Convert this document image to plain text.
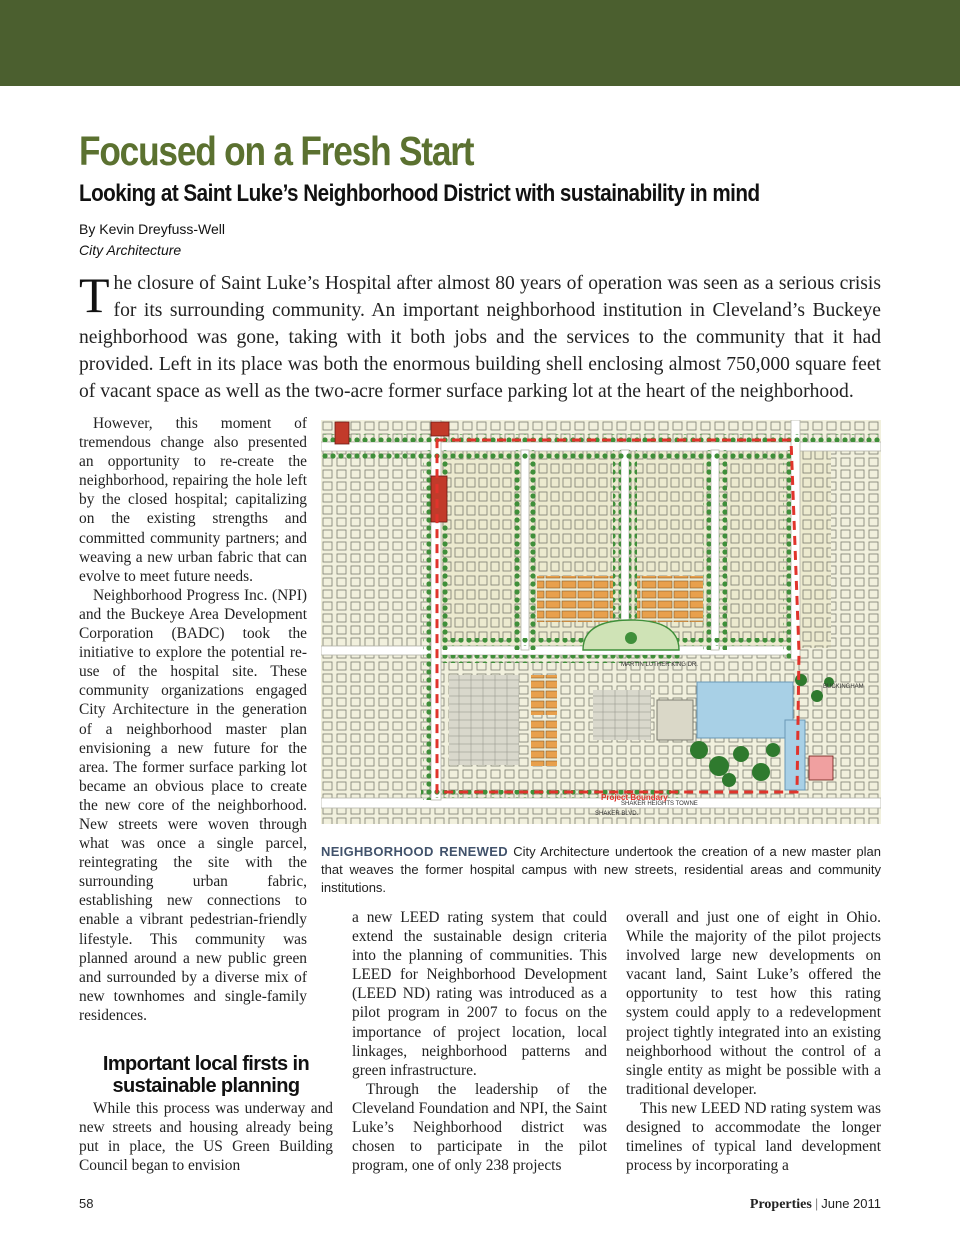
Focused on a Fresh Start
Looking at Saint Luke’s Neighborhood District with sustainability in mind
By Kevin Dreyfuss-Well
City Architecture

The closure of Saint Luke’s Hospital after almost 80 years of operation was seen as a serious crisis for its surrounding community. An important neighborhood institution in Cleveland’s Buckeye neighborhood was gone, taking with it both jobs and the services to the community that it had provided. Left in its place was both the enormous building shell enclosing almost 750,000 square feet of vacant space as well as the two-acre former surface parking lot at the heart of the neighborhood.

However, this moment of tremendous change also presented an opportunity to re-create the neighborhood, repairing the hole left by the closed hospital; capitalizing on the existing strengths and committed community partners; and weaving a new urban fabric that can evolve to meet future needs.

Neighborhood Progress Inc. (NPI) and the Buckeye Area Development Corporation (BADC) took the initiative to explore the potential re-use of the hospital site. These community organizations engaged City Architecture in the generation of a neighborhood master plan envisioning a new future for the area. The former surface parking lot became an obvious place to create the new core of the neighborhood. New streets were woven through what was once a single parcel, reintegrating the site with the surrounding urban fabric, establishing new connections to enable a vibrant pedestrian-friendly lifestyle. This community was planned around a new public green and surrounded by a diverse mix of new townhomes and single-family residences.

Important local firsts in
sustainable planning

While this process was underway and new streets and housing already being put in place, the US Green Building Council began to envision

a new LEED rating system that could extend the sustainable design criteria into the planning of communities. This LEED for Neighborhood Development (LEED ND) rating was introduced as a pilot program in 2007 to focus on the importance of project location, local linkages, neighborhood patterns and green infrastructure.

Through the leadership of the Cleveland Foundation and NPI, the Saint Luke’s Neighborhood district was chosen to participate in the pilot program, one of only 238 projects

overall and just one of eight in Ohio. While the majority of the pilot projects involved large new developments on vacant land, Saint Luke’s offered the opportunity to test how this rating system could apply to a redevelopment project tightly integrated into an existing neighborhood without the control of a single entity as might be possible with a traditional developer.

This new LEED ND rating system was designed to accommodate the longer timelines of typical land development process by incorporating a

MARTIN LUTHER KING DR.
BUCKINGHAM
SHAKER BLVD.
SHAKER HEIGHTS TOWNE
Project Boundary

NEIGHBORHOOD RENEWED City Architecture undertook the creation of a new master plan that weaves the former hospital campus with new streets, residential areas and community institutions.

58	Properties | June 2011
